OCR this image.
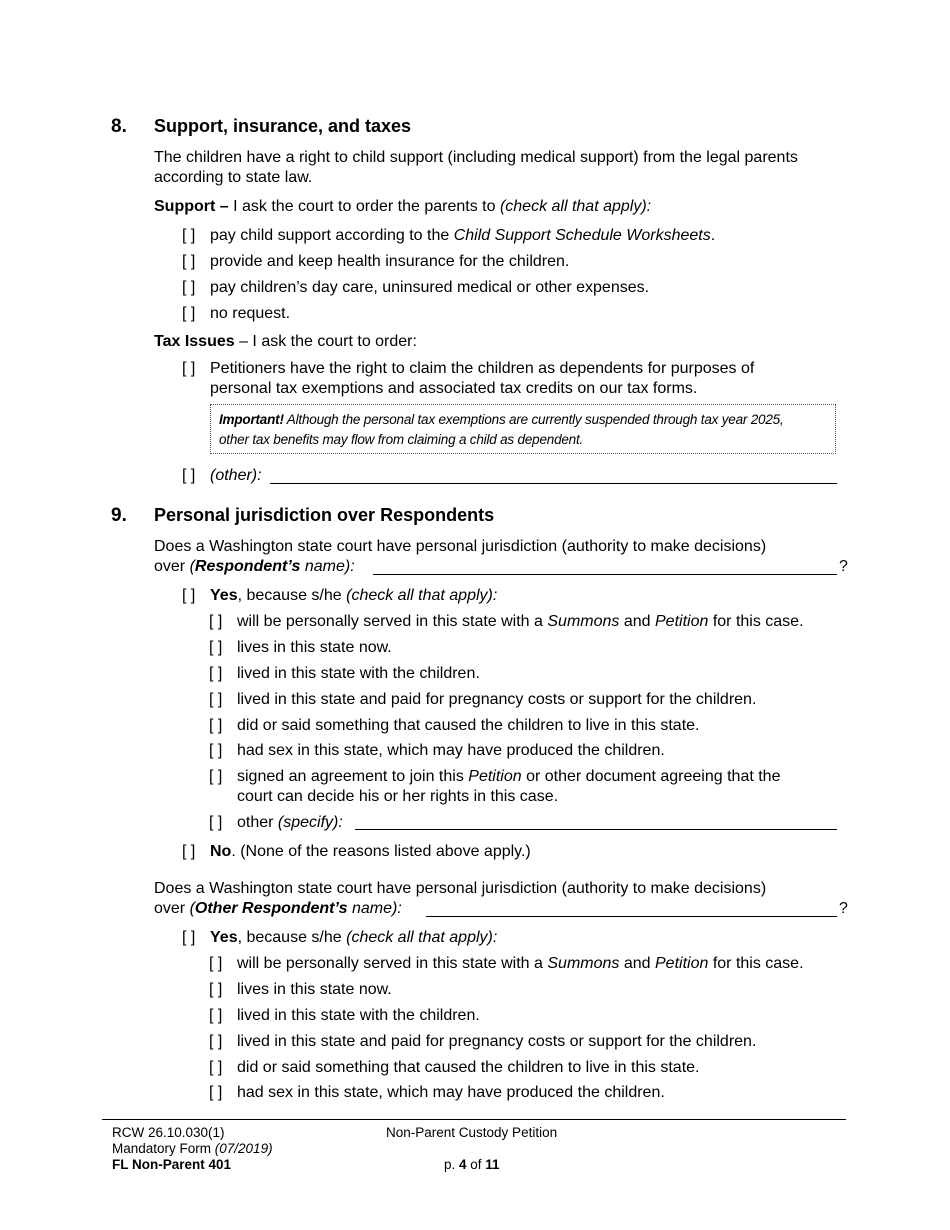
8. Support, insurance, and taxes
The children have a right to child support (including medical support) from the legal parents
according to state law.
Support – I ask the court to order the parents to (check all that apply):
[ ] pay child support according to the Child Support Schedule Worksheets.
[ ] provide and keep health insurance for the children.
[ ] pay children’s day care, uninsured medical or other expenses.
[ ] no request.
Tax Issues – I ask the court to order:
[ ] Petitioners have the right to claim the children as dependents for purposes of
personal tax exemptions and associated tax credits on our tax forms.
Important! Although the personal tax exemptions are currently suspended through tax year 2025,
other tax benefits may flow from claiming a child as dependent.
[ ] (other):
9. Personal jurisdiction over Respondents
Does a Washington state court have personal jurisdiction (authority to make decisions)
over (Respondent’s name):	?
[ ] Yes, because s/he (check all that apply):
[ ] will be personally served in this state with a Summons and Petition for this case.
[ ] lives in this state now.
[ ] lived in this state with the children.
[ ] lived in this state and paid for pregnancy costs or support for the children.
[ ] did or said something that caused the children to live in this state.
[ ] had sex in this state, which may have produced the children.
[ ] signed an agreement to join this Petition or other document agreeing that the
court can decide his or her rights in this case.
[ ] other (specify):
[ ] No. (None of the reasons listed above apply.)
Does a Washington state court have personal jurisdiction (authority to make decisions)
over (Other Respondent’s name):	?
[ ] Yes, because s/he (check all that apply):
[ ] will be personally served in this state with a Summons and Petition for this case.
[ ] lives in this state now.
[ ] lived in this state with the children.
[ ] lived in this state and paid for pregnancy costs or support for the children.
[ ] did or said something that caused the children to live in this state.
[ ] had sex in this state, which may have produced the children.
RCW 26.10.030(1)
Mandatory Form (07/2019)
FL Non-Parent 401
Non-Parent Custody Petition
p. 4 of 11
